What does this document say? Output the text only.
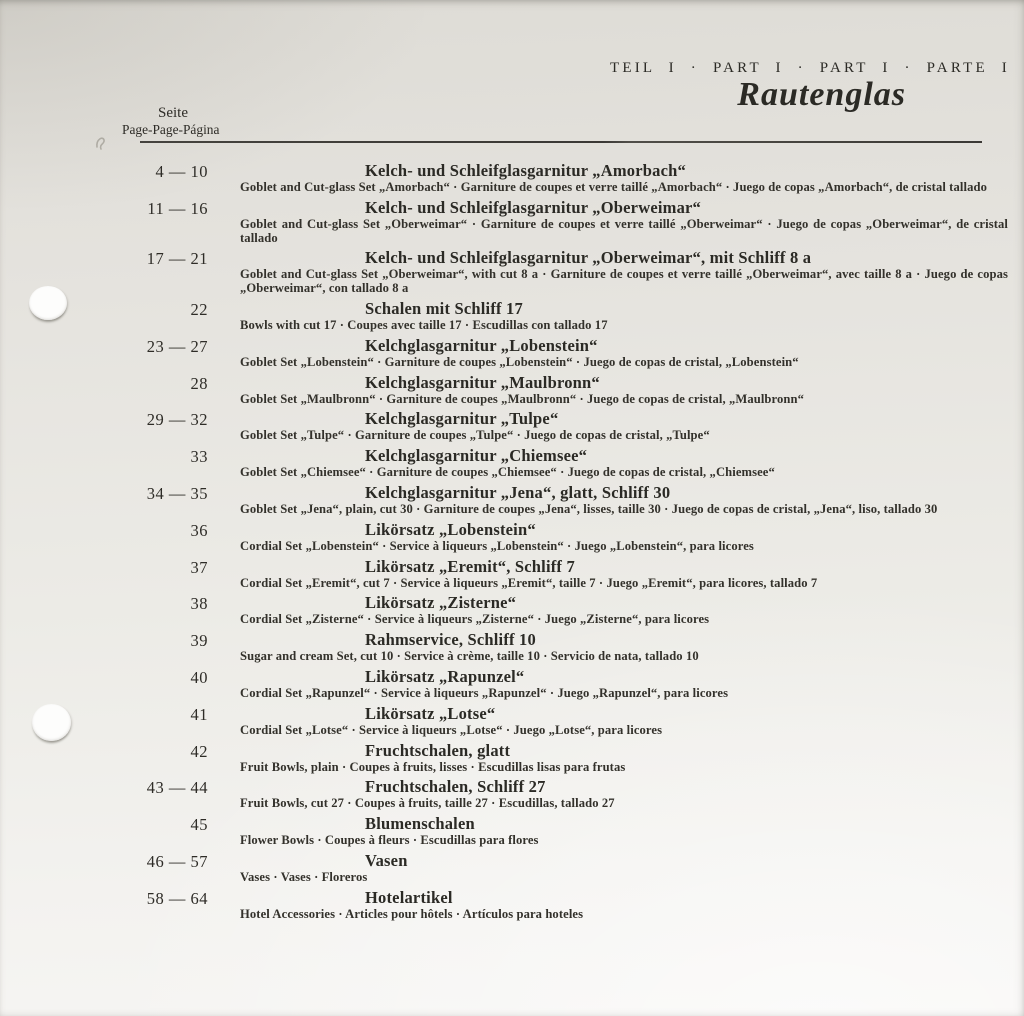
TEIL I · PART I · PART I · PARTE I
Rautenglas
Seite
Page-Page-Página
4 — 10	Kelch- und Schleifglasgarnitur „Amorbach“
Goblet and Cut-glass Set „Amorbach“ · Garniture de coupes et verre taillé „Amorbach“ · Juego de copas „Amorbach“, de cristal tallado
11 — 16	Kelch- und Schleifglasgarnitur „Oberweimar“
Goblet and Cut-glass Set „Oberweimar“ · Garniture de coupes et verre taillé „Oberweimar“ · Juego de copas „Oberweimar“, de cristal tallado
17 — 21	Kelch- und Schleifglasgarnitur „Oberweimar“, mit Schliff 8 a
Goblet and Cut-glass Set „Oberweimar“, with cut 8 a · Garniture de coupes et verre taillé „Oberweimar“, avec taille 8 a · Juego de copas „Oberweimar“, con tallado 8 a
22	Schalen mit Schliff 17
Bowls with cut 17 · Coupes avec taille 17 · Escudillas con tallado 17
23 — 27	Kelchglasgarnitur „Lobenstein“
Goblet Set „Lobenstein“ · Garniture de coupes „Lobenstein“ · Juego de copas de cristal, „Lobenstein“
28	Kelchglasgarnitur „Maulbronn“
Goblet Set „Maulbronn“ · Garniture de coupes „Maulbronn“ · Juego de copas de cristal, „Maulbronn“
29 — 32	Kelchglasgarnitur „Tulpe“
Goblet Set „Tulpe“ · Garniture de coupes „Tulpe“ · Juego de copas de cristal, „Tulpe“
33	Kelchglasgarnitur „Chiemsee“
Goblet Set „Chiemsee“ · Garniture de coupes „Chiemsee“ · Juego de copas de cristal, „Chiemsee“
34 — 35	Kelchglasgarnitur „Jena“, glatt, Schliff 30
Goblet Set „Jena“, plain, cut 30 · Garniture de coupes „Jena“, lisses, taille 30 · Juego de copas de cristal, „Jena“, liso, tallado 30
36	Likörsatz „Lobenstein“
Cordial Set „Lobenstein“ · Service à liqueurs „Lobenstein“ · Juego „Lobenstein“, para licores
37	Likörsatz „Eremit“, Schliff 7
Cordial Set „Eremit“, cut 7 · Service à liqueurs „Eremit“, taille 7 · Juego „Eremit“, para licores, tallado 7
38	Likörsatz „Zisterne“
Cordial Set „Zisterne“ · Service à liqueurs „Zisterne“ · Juego „Zisterne“, para licores
39	Rahmservice, Schliff 10
Sugar and cream Set, cut 10 · Service à crème, taille 10 · Servicio de nata, tallado 10
40	Likörsatz „Rapunzel“
Cordial Set „Rapunzel“ · Service à liqueurs „Rapunzel“ · Juego „Rapunzel“, para licores
41	Likörsatz „Lotse“
Cordial Set „Lotse“ · Service à liqueurs „Lotse“ · Juego „Lotse“, para licores
42	Fruchtschalen, glatt
Fruit Bowls, plain · Coupes à fruits, lisses · Escudillas lisas para frutas
43 — 44	Fruchtschalen, Schliff 27
Fruit Bowls, cut 27 · Coupes à fruits, taille 27 · Escudillas, tallado 27
45	Blumenschalen
Flower Bowls · Coupes à fleurs · Escudillas para flores
46 — 57	Vasen
Vases · Vases · Floreros
58 — 64	Hotelartikel
Hotel Accessories · Articles pour hôtels · Artículos para hoteles
